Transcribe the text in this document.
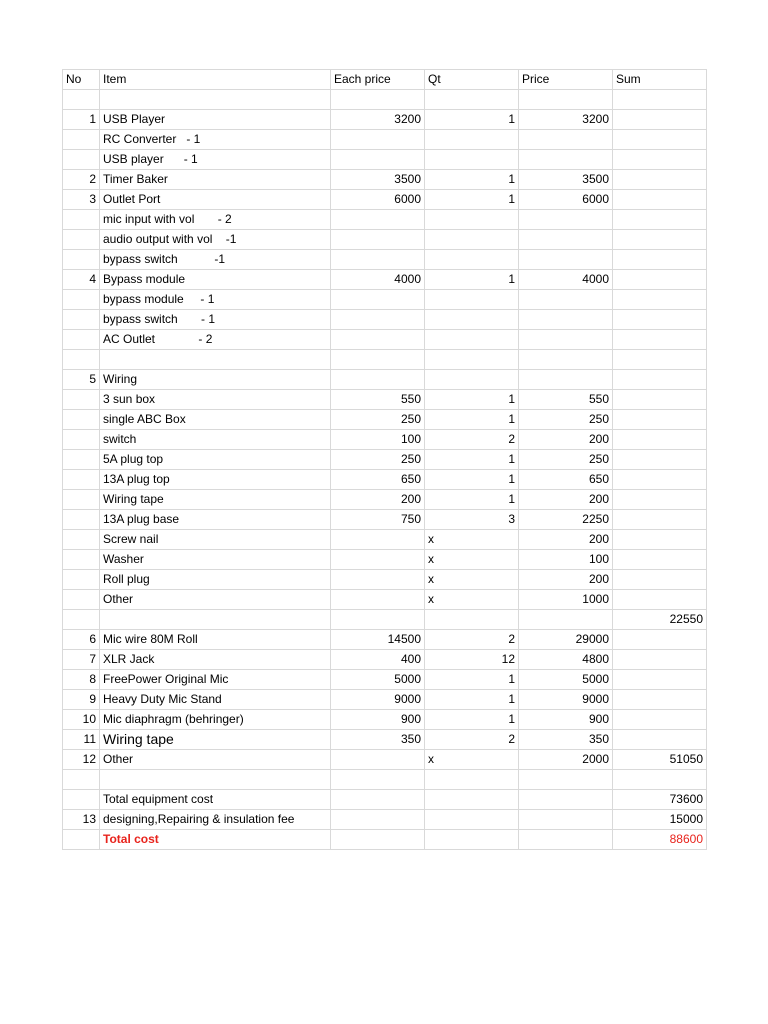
No	Item	Each price	Qt	Price	Sum

1	USB Player	3200	1	3200	
	RC Converter   - 1				
	USB player      - 1				
2	Timer Baker	3500	1	3500	
3	Outlet Port	6000	1	6000	
	mic input with vol       - 2				
	audio output with vol    -1				
	bypass switch           -1				
4	Bypass module	4000	1	4000	
	bypass module     - 1				
	bypass switch       - 1				
	AC Outlet             - 2				

5	Wiring				
	3 sun box	550	1	550	
	single ABC Box	250	1	250	
	switch	100	2	200	
	5A plug top	250	1	250	
	13A plug top	650	1	650	
	Wiring tape	200	1	200	
	13A plug base	750	3	2250	
	Screw nail		x	200	
	Washer		x	100	
	Roll plug		x	200	
	Other		x	1000	
					22550
6	Mic wire 80M Roll	14500	2	29000	
7	XLR Jack	400	12	4800	
8	FreePower Original Mic	5000	1	5000	
9	Heavy Duty Mic Stand	9000	1	9000	
10	Mic diaphragm (behringer)	900	1	900	
11	Wiring tape	350	2	350	
12	Other		x	2000	51050

	Total equipment cost				73600
13	designing,Repairing & insulation fee				15000
	Total cost				88600
